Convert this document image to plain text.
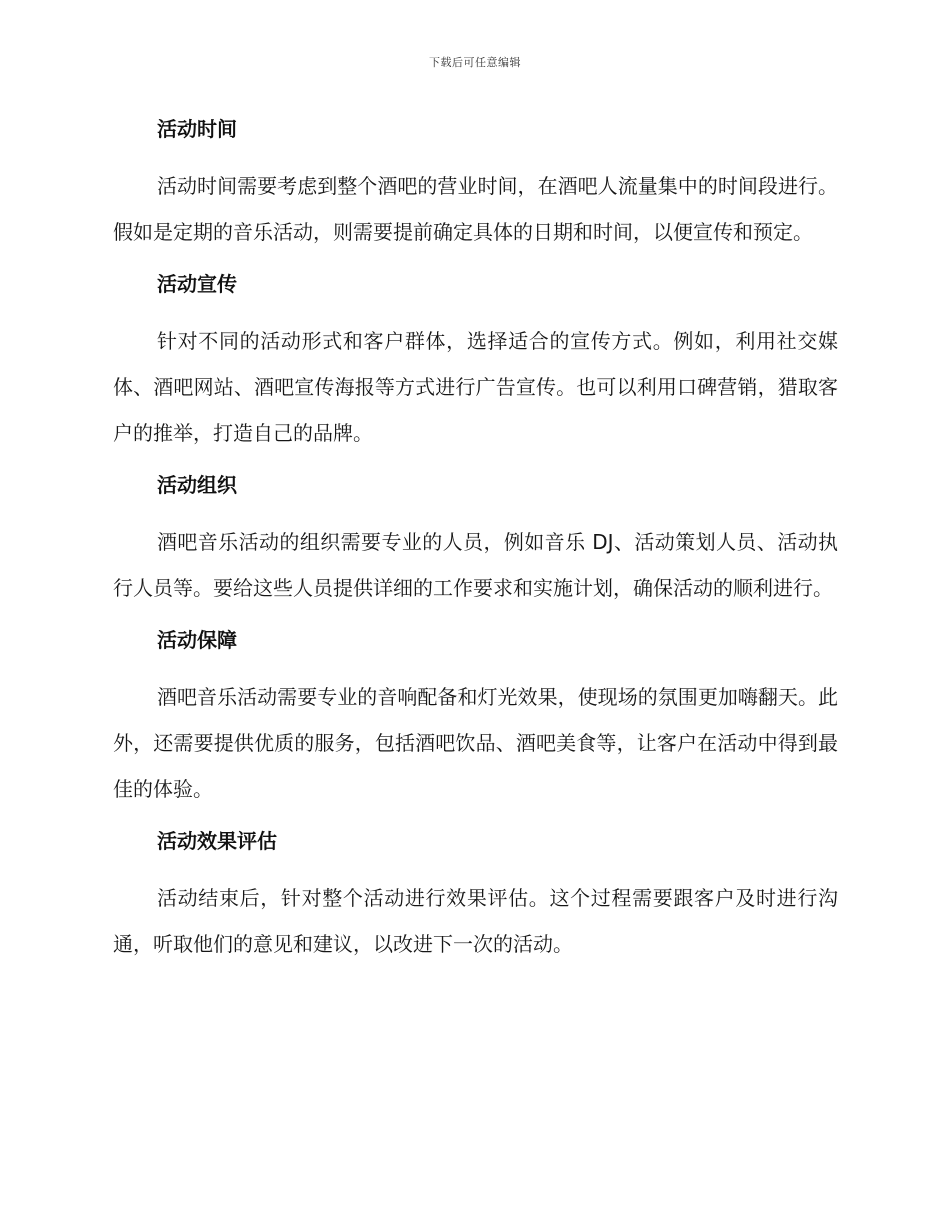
下载后可任意编辑
活动时间

活动时间需要考虑到整个酒吧的营业时间，在酒吧人流量集中的时间段进行。假如是定期的音乐活动，则需要提前确定具体的日期和时间，以便宣传和预定。

活动宣传

针对不同的活动形式和客户群体，选择适合的宣传方式。例如，利用社交媒体、酒吧网站、酒吧宣传海报等方式进行广告宣传。也可以利用口碑营销，猎取客户的推举，打造自己的品牌。

活动组织

酒吧音乐活动的组织需要专业的人员，例如音乐 DJ、活动策划人员、活动执行人员等。要给这些人员提供详细的工作要求和实施计划，确保活动的顺利进行。

活动保障

酒吧音乐活动需要专业的音响配备和灯光效果，使现场的氛围更加嗨翻天。此外，还需要提供优质的服务，包括酒吧饮品、酒吧美食等，让客户在活动中得到最佳的体验。

活动效果评估

活动结束后，针对整个活动进行效果评估。这个过程需要跟客户及时进行沟通，听取他们的意见和建议，以改进下一次的活动。
